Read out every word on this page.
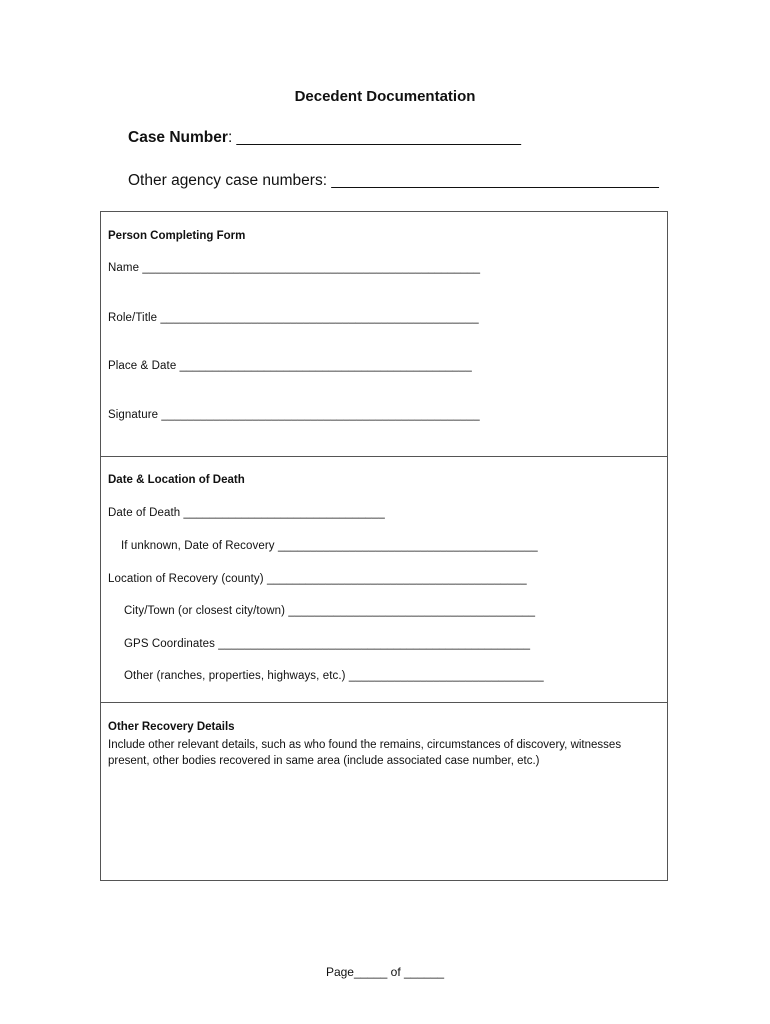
Decedent Documentation
Case Number: _________________________________
Other agency case numbers: ______________________________________
Person Completing Form
Name ____________________________________________________
Role/Title _________________________________________________
Place & Date _____________________________________________
Signature _________________________________________________
Date & Location of Death
Date of Death _______________________________
If unknown, Date of Recovery ________________________________________
Location of Recovery (county) ________________________________________
City/Town (or closest city/town) ______________________________________
GPS Coordinates ________________________________________________
Other (ranches, properties, highways, etc.) ______________________________
Other Recovery Details
Include other relevant details, such as who found the remains, circumstances of discovery, witnesses present, other bodies recovered in same area (include associated case number, etc.)
Page_____ of ______
